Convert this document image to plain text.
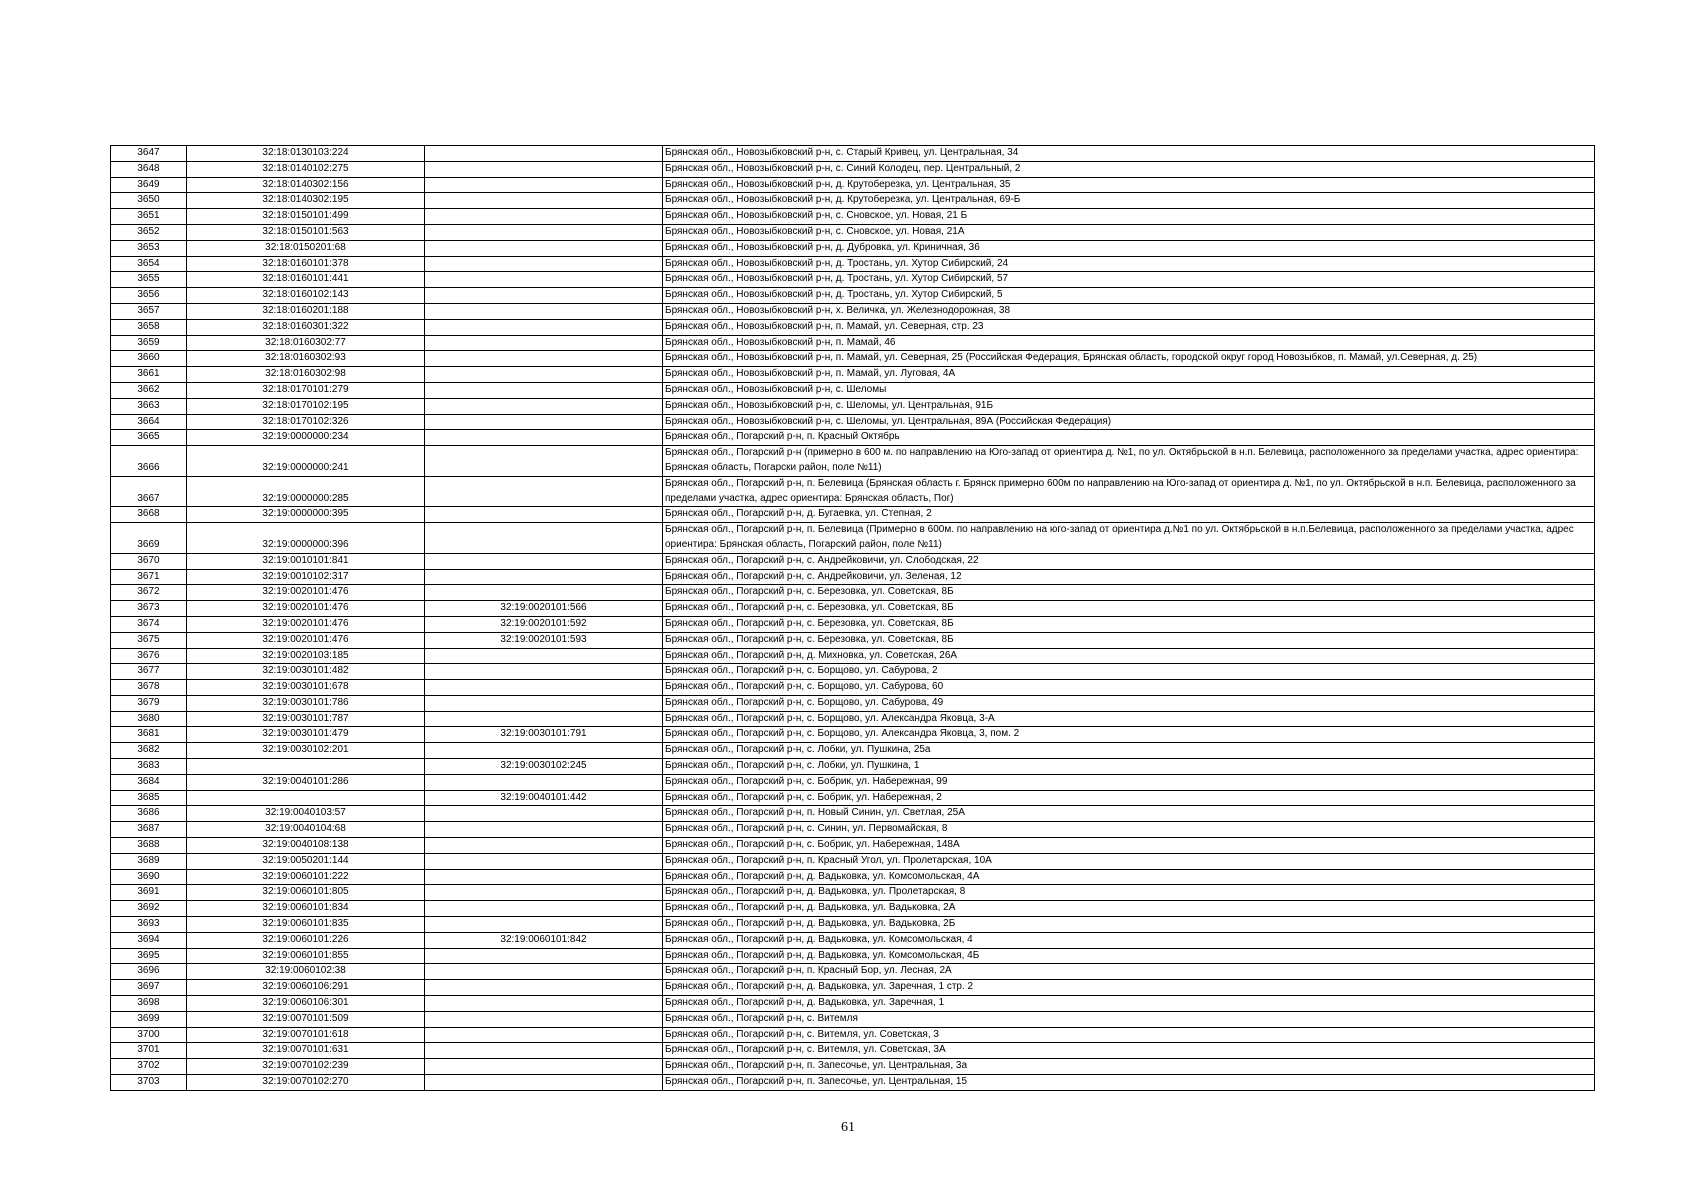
3647	32:18:0130103:224		Брянская обл., Новозыбковский р-н, с. Старый Кривец, ул. Центральная, 34
3648	32:18:0140102:275		Брянская обл., Новозыбковский р-н, с. Синий Колодец, пер. Центральный, 2
3649	32:18:0140302:156		Брянская обл., Новозыбковский р-н, д. Крутоберезка, ул. Центральная, 35
3650	32:18:0140302:195		Брянская обл., Новозыбковский р-н, д. Крутоберезка, ул. Центральная, 69-Б
3651	32:18:0150101:499		Брянская обл., Новозыбковский р-н, с. Сновское, ул. Новая, 21 Б
3652	32:18:0150101:563		Брянская обл., Новозыбковский р-н, с. Сновское, ул. Новая, 21А
3653	32:18:0150201:68		Брянская обл., Новозыбковский р-н, д. Дубровка, ул. Криничная, 36
3654	32:18:0160101:378		Брянская обл., Новозыбковский р-н, д. Тростань, ул. Хутор Сибирский, 24
3655	32:18:0160101:441		Брянская обл., Новозыбковский р-н, д. Тростань, ул. Хутор Сибирский, 57
3656	32:18:0160102:143		Брянская обл., Новозыбковский р-н, д. Тростань, ул. Хутор Сибирский, 5
3657	32:18:0160201:188		Брянская обл., Новозыбковский р-н, х. Величка, ул. Железнодорожная, 38
3658	32:18:0160301:322		Брянская обл., Новозыбковский р-н, п. Мамай, ул. Северная, стр. 23
3659	32:18:0160302:77		Брянская обл., Новозыбковский р-н, п. Мамай, 46
3660	32:18:0160302:93		Брянская обл., Новозыбковский р-н, п. Мамай, ул. Северная, 25 (Российская Федерация, Брянская область, городской округ город Новозыбков, п. Мамай, ул.Северная, д. 25)
3661	32:18:0160302:98		Брянская обл., Новозыбковский р-н, п. Мамай, ул. Луговая, 4А
3662	32:18:0170101:279		Брянская обл., Новозыбковский р-н, с. Шеломы
3663	32:18:0170102:195		Брянская обл., Новозыбковский р-н, с. Шеломы, ул. Центральная, 91Б
3664	32:18:0170102:326		Брянская обл., Новозыбковский р-н, с. Шеломы, ул. Центральная, 89А (Российская Федерация)
3665	32:19:0000000:234		Брянская обл., Погарский р-н, п. Красный Октябрь
3666	32:19:0000000:241		Брянская обл., Погарский р-н (примерно в 600 м. по направлению на Юго-запад от ориентира д. №1, по ул. Октябрьской в н.п. Белевица, расположенного за пределами участка, адрес ориентира: Брянская область, Погарски район, поле №11)
3667	32:19:0000000:285		Брянская обл., Погарский р-н, п. Белевица (Брянская область г. Брянск примерно 600м по направлению на Юго-запад от ориентира д. №1, по ул. Октябрьской в н.п. Белевица, расположенного за пределами участка, адрес ориентира: Брянская область, Пог)
3668	32:19:0000000:395		Брянская обл., Погарский р-н, д. Бугаевка, ул. Степная, 2
3669	32:19:0000000:396		Брянская обл., Погарский р-н, п. Белевица (Примерно в 600м. по направлению на юго-запад от ориентира д.№1 по ул. Октябрьской в н.п.Белевица, расположенного за пределами участка, адрес ориентира: Брянская область, Погарский район, поле №11)
3670	32:19:0010101:841		Брянская обл., Погарский р-н, с. Андрейковичи, ул. Слободская, 22
3671	32:19:0010102:317		Брянская обл., Погарский р-н, с. Андрейковичи, ул. Зеленая, 12
3672	32:19:0020101:476		Брянская обл., Погарский р-н, с. Березовка, ул. Советская, 8Б
3673	32:19:0020101:476	32:19:0020101:566	Брянская обл., Погарский р-н, с. Березовка, ул. Советская, 8Б
3674	32:19:0020101:476	32:19:0020101:592	Брянская обл., Погарский р-н, с. Березовка, ул. Советская, 8Б
3675	32:19:0020101:476	32:19:0020101:593	Брянская обл., Погарский р-н, с. Березовка, ул. Советская, 8Б
3676	32:19:0020103:185		Брянская обл., Погарский р-н, д. Михновка, ул. Советская, 26А
3677	32:19:0030101:482		Брянская обл., Погарский р-н, с. Борщово, ул. Сабурова, 2
3678	32:19:0030101:678		Брянская обл., Погарский р-н, с. Борщово, ул. Сабурова, 60
3679	32:19:0030101:786		Брянская обл., Погарский р-н, с. Борщово, ул. Сабурова, 49
3680	32:19:0030101:787		Брянская обл., Погарский р-н, с. Борщово, ул. Александра Яковца, 3-А
3681	32:19:0030101:479	32:19:0030101:791	Брянская обл., Погарский р-н, с. Борщово, ул. Александра Яковца, 3, пом. 2
3682	32:19:0030102:201		Брянская обл., Погарский р-н, с. Лобки, ул. Пушкина, 25а
3683		32:19:0030102:245	Брянская обл., Погарский р-н, с. Лобки, ул. Пушкина, 1
3684	32:19:0040101:286		Брянская обл., Погарский р-н, с. Бобрик, ул. Набережная, 99
3685		32:19:0040101:442	Брянская обл., Погарский р-н, с. Бобрик, ул. Набережная, 2
3686	32:19:0040103:57		Брянская обл., Погарский р-н, п. Новый Синин, ул. Светлая, 25А
3687	32:19:0040104:68		Брянская обл., Погарский р-н, с. Синин, ул. Первомайская, 8
3688	32:19:0040108:138		Брянская обл., Погарский р-н, с. Бобрик, ул. Набережная, 148А
3689	32:19:0050201:144		Брянская обл., Погарский р-н, п. Красный Угол, ул. Пролетарская, 10А
3690	32:19:0060101:222		Брянская обл., Погарский р-н, д. Вадьковка, ул. Комсомольская, 4А
3691	32:19:0060101:805		Брянская обл., Погарский р-н, д. Вадьковка, ул. Пролетарская, 8
3692	32:19:0060101:834		Брянская обл., Погарский р-н, д. Вадьковка, ул. Вадьковка, 2А
3693	32:19:0060101:835		Брянская обл., Погарский р-н, д. Вадьковка, ул. Вадьковка, 2Б
3694	32:19:0060101:226	32:19:0060101:842	Брянская обл., Погарский р-н, д. Вадьковка, ул. Комсомольская, 4
3695	32:19:0060101:855		Брянская обл., Погарский р-н, д. Вадьковка, ул. Комсомольская, 4Б
3696	32:19:0060102:38		Брянская обл., Погарский р-н, п. Красный Бор, ул. Лесная, 2А
3697	32:19:0060106:291		Брянская обл., Погарский р-н, д. Вадьковка, ул. Заречная, 1 стр. 2
3698	32:19:0060106:301		Брянская обл., Погарский р-н, д. Вадьковка, ул. Заречная, 1
3699	32:19:0070101:509		Брянская обл., Погарский р-н, с. Витемля
3700	32:19:0070101:618		Брянская обл., Погарский р-н, с. Витемля, ул. Советская, 3
3701	32:19:0070101:631		Брянская обл., Погарский р-н, с. Витемля, ул. Советская, 3А
3702	32:19:0070102:239		Брянская обл., Погарский р-н, п. Запесочье, ул. Центральная, 3а
3703	32:19:0070102:270		Брянская обл., Погарский р-н, п. Запесочье, ул. Центральная, 15
61
